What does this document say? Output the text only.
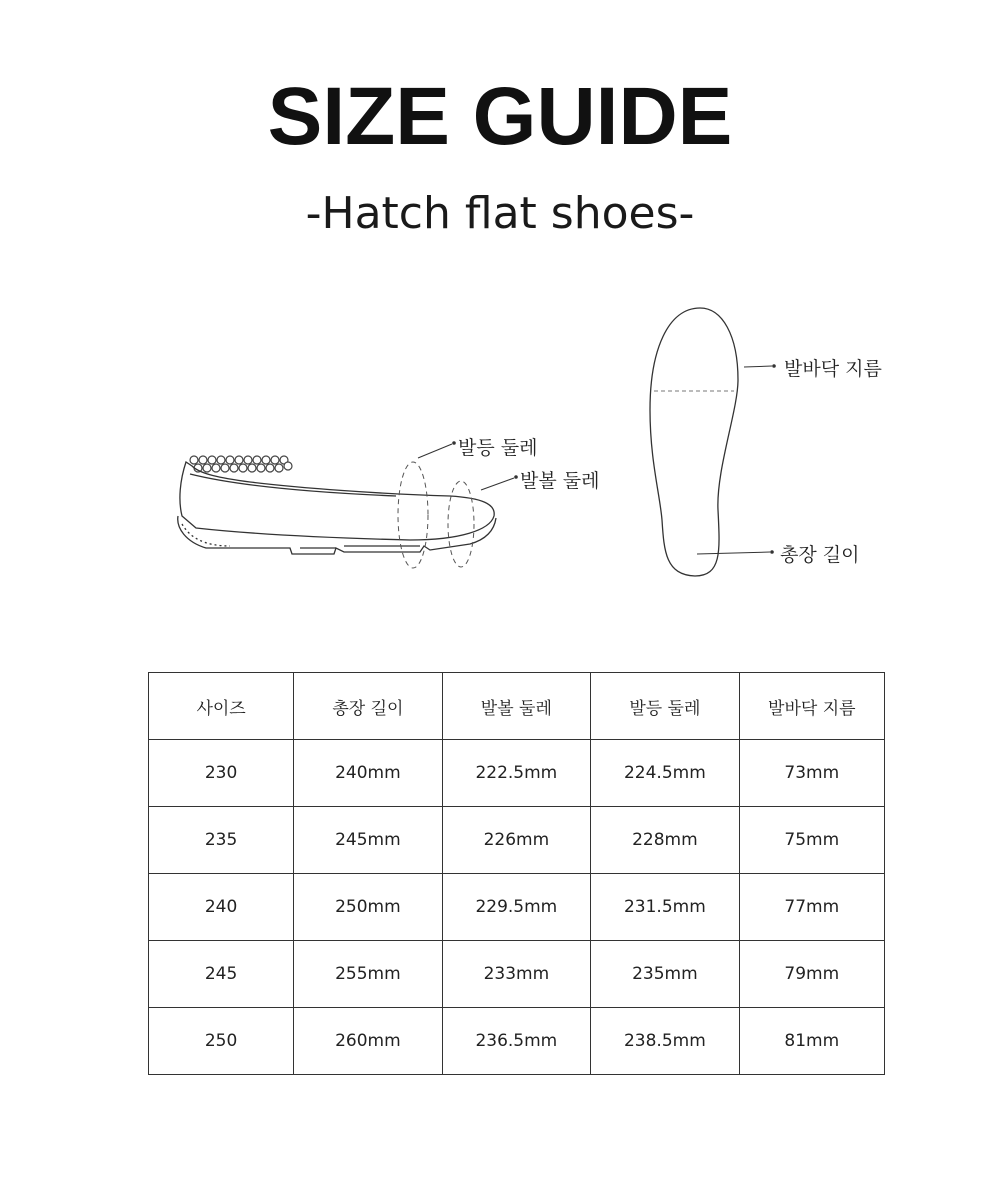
SIZE GUIDE
-Hatch flat shoes-
발등 둘레
발볼 둘레
발바닥 지름
총장 길이
사이즈	총장 길이	발볼 둘레	발등 둘레	발바닥 지름
230	240mm	222.5mm	224.5mm	73mm
235	245mm	226mm	228mm	75mm
240	250mm	229.5mm	231.5mm	77mm
245	255mm	233mm	235mm	79mm
250	260mm	236.5mm	238.5mm	81mm
